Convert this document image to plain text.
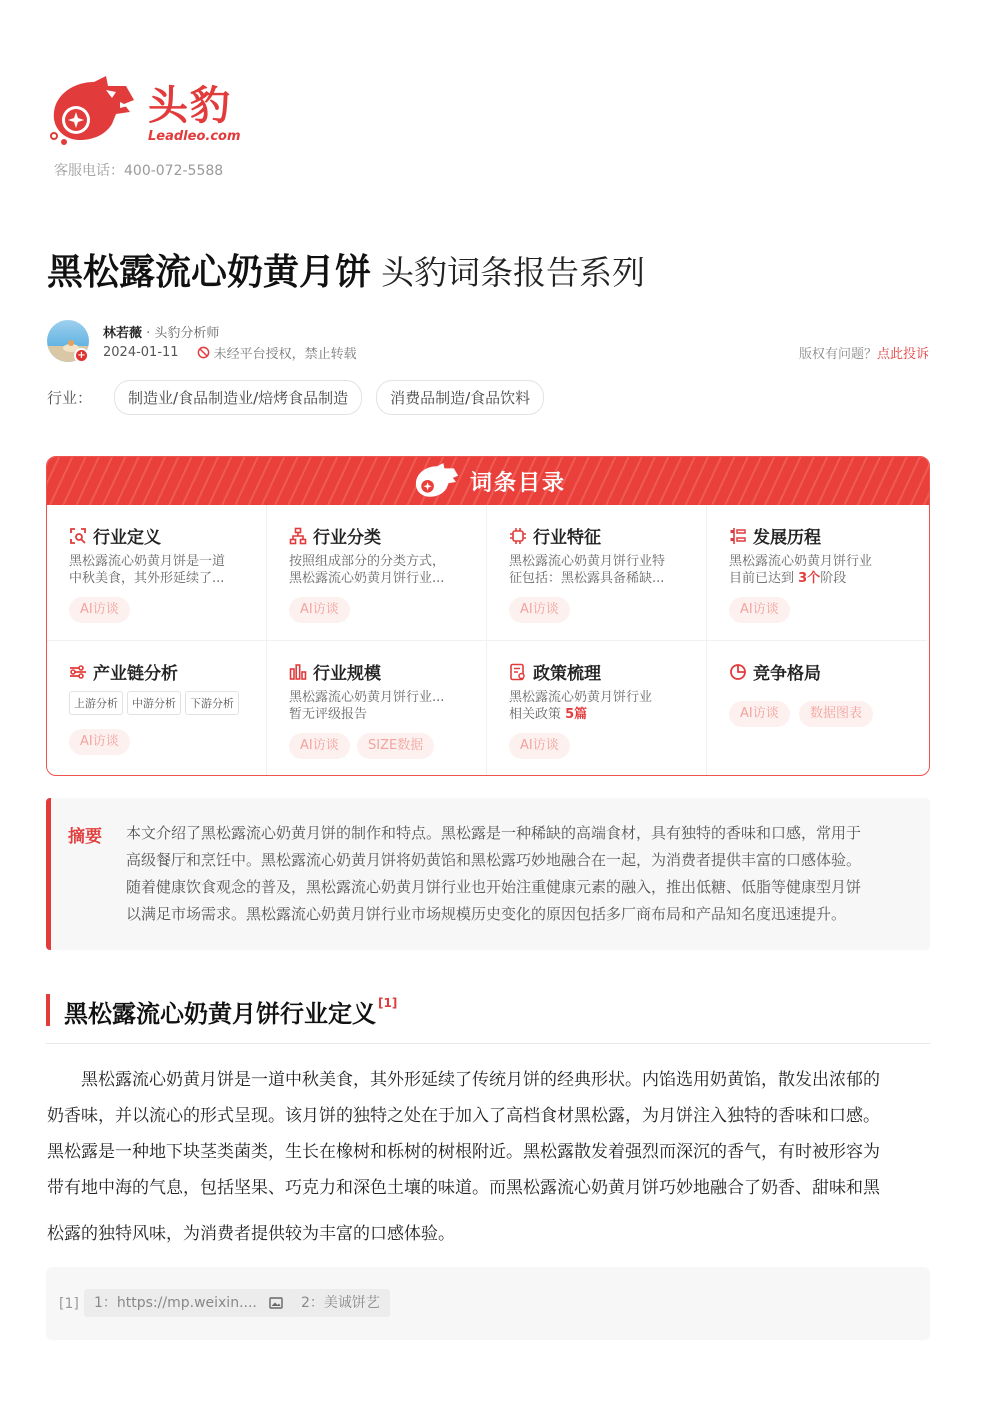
头豹
Leadleo.com
客服电话：400-072-5588
黑松露流心奶黄月饼 头豹词条报告系列
+
林若薇 · 头豹分析师
2024-01-11	未经平台授权，禁止转载	版权有问题？点此投诉
行业：	制造业/食品制造业/焙烤食品制造	消费品制造/食品饮料
词条目录
行业定义
黑松露流心奶黄月饼是一道
中秋美食，其外形延续了...
AI访谈
行业分类
按照组成部分的分类方式，
黑松露流心奶黄月饼行业...
AI访谈
行业特征
黑松露流心奶黄月饼行业特
征包括：黑松露具备稀缺...
AI访谈
发展历程
黑松露流心奶黄月饼行业
目前已达到 3个阶段
AI访谈
产业链分析
上游分析	中游分析	下游分析
AI访谈
行业规模
黑松露流心奶黄月饼行业...
暂无评级报告
AI访谈	SIZE数据
政策梳理
黑松露流心奶黄月饼行业
相关政策 5篇
AI访谈
竞争格局
AI访谈	数据图表
摘要 本文介绍了黑松露流心奶黄月饼的制作和特点。黑松露是一种稀缺的高端食材，具有独特的香味和口感，常用于
高级餐厅和烹饪中。黑松露流心奶黄月饼将奶黄馅和黑松露巧妙地融合在一起，为消费者提供丰富的口感体验。
随着健康饮食观念的普及，黑松露流心奶黄月饼行业也开始注重健康元素的融入，推出低糖、低脂等健康型月饼
以满足市场需求。黑松露流心奶黄月饼行业市场规模历史变化的原因包括多厂商布局和产品知名度迅速提升。
黑松露流心奶黄月饼行业定义 [1]
黑松露流心奶黄月饼是一道中秋美食，其外形延续了传统月饼的经典形状。内馅选用奶黄馅，散发出浓郁的
奶香味，并以流心的形式呈现。该月饼的独特之处在于加入了高档食材黑松露，为月饼注入独特的香味和口感。
黑松露是一种地下块茎类菌类，生长在橡树和栎树的树根附近。黑松露散发着强烈而深沉的香气，有时被形容为
带有地中海的气息，包括坚果、巧克力和深色土壤的味道。而黑松露流心奶黄月饼巧妙地融合了奶香、甜味和黑
松露的独特风味，为消费者提供较为丰富的口感体验。
[1] 1：https://mp.weixin....	2：美诚饼艺
